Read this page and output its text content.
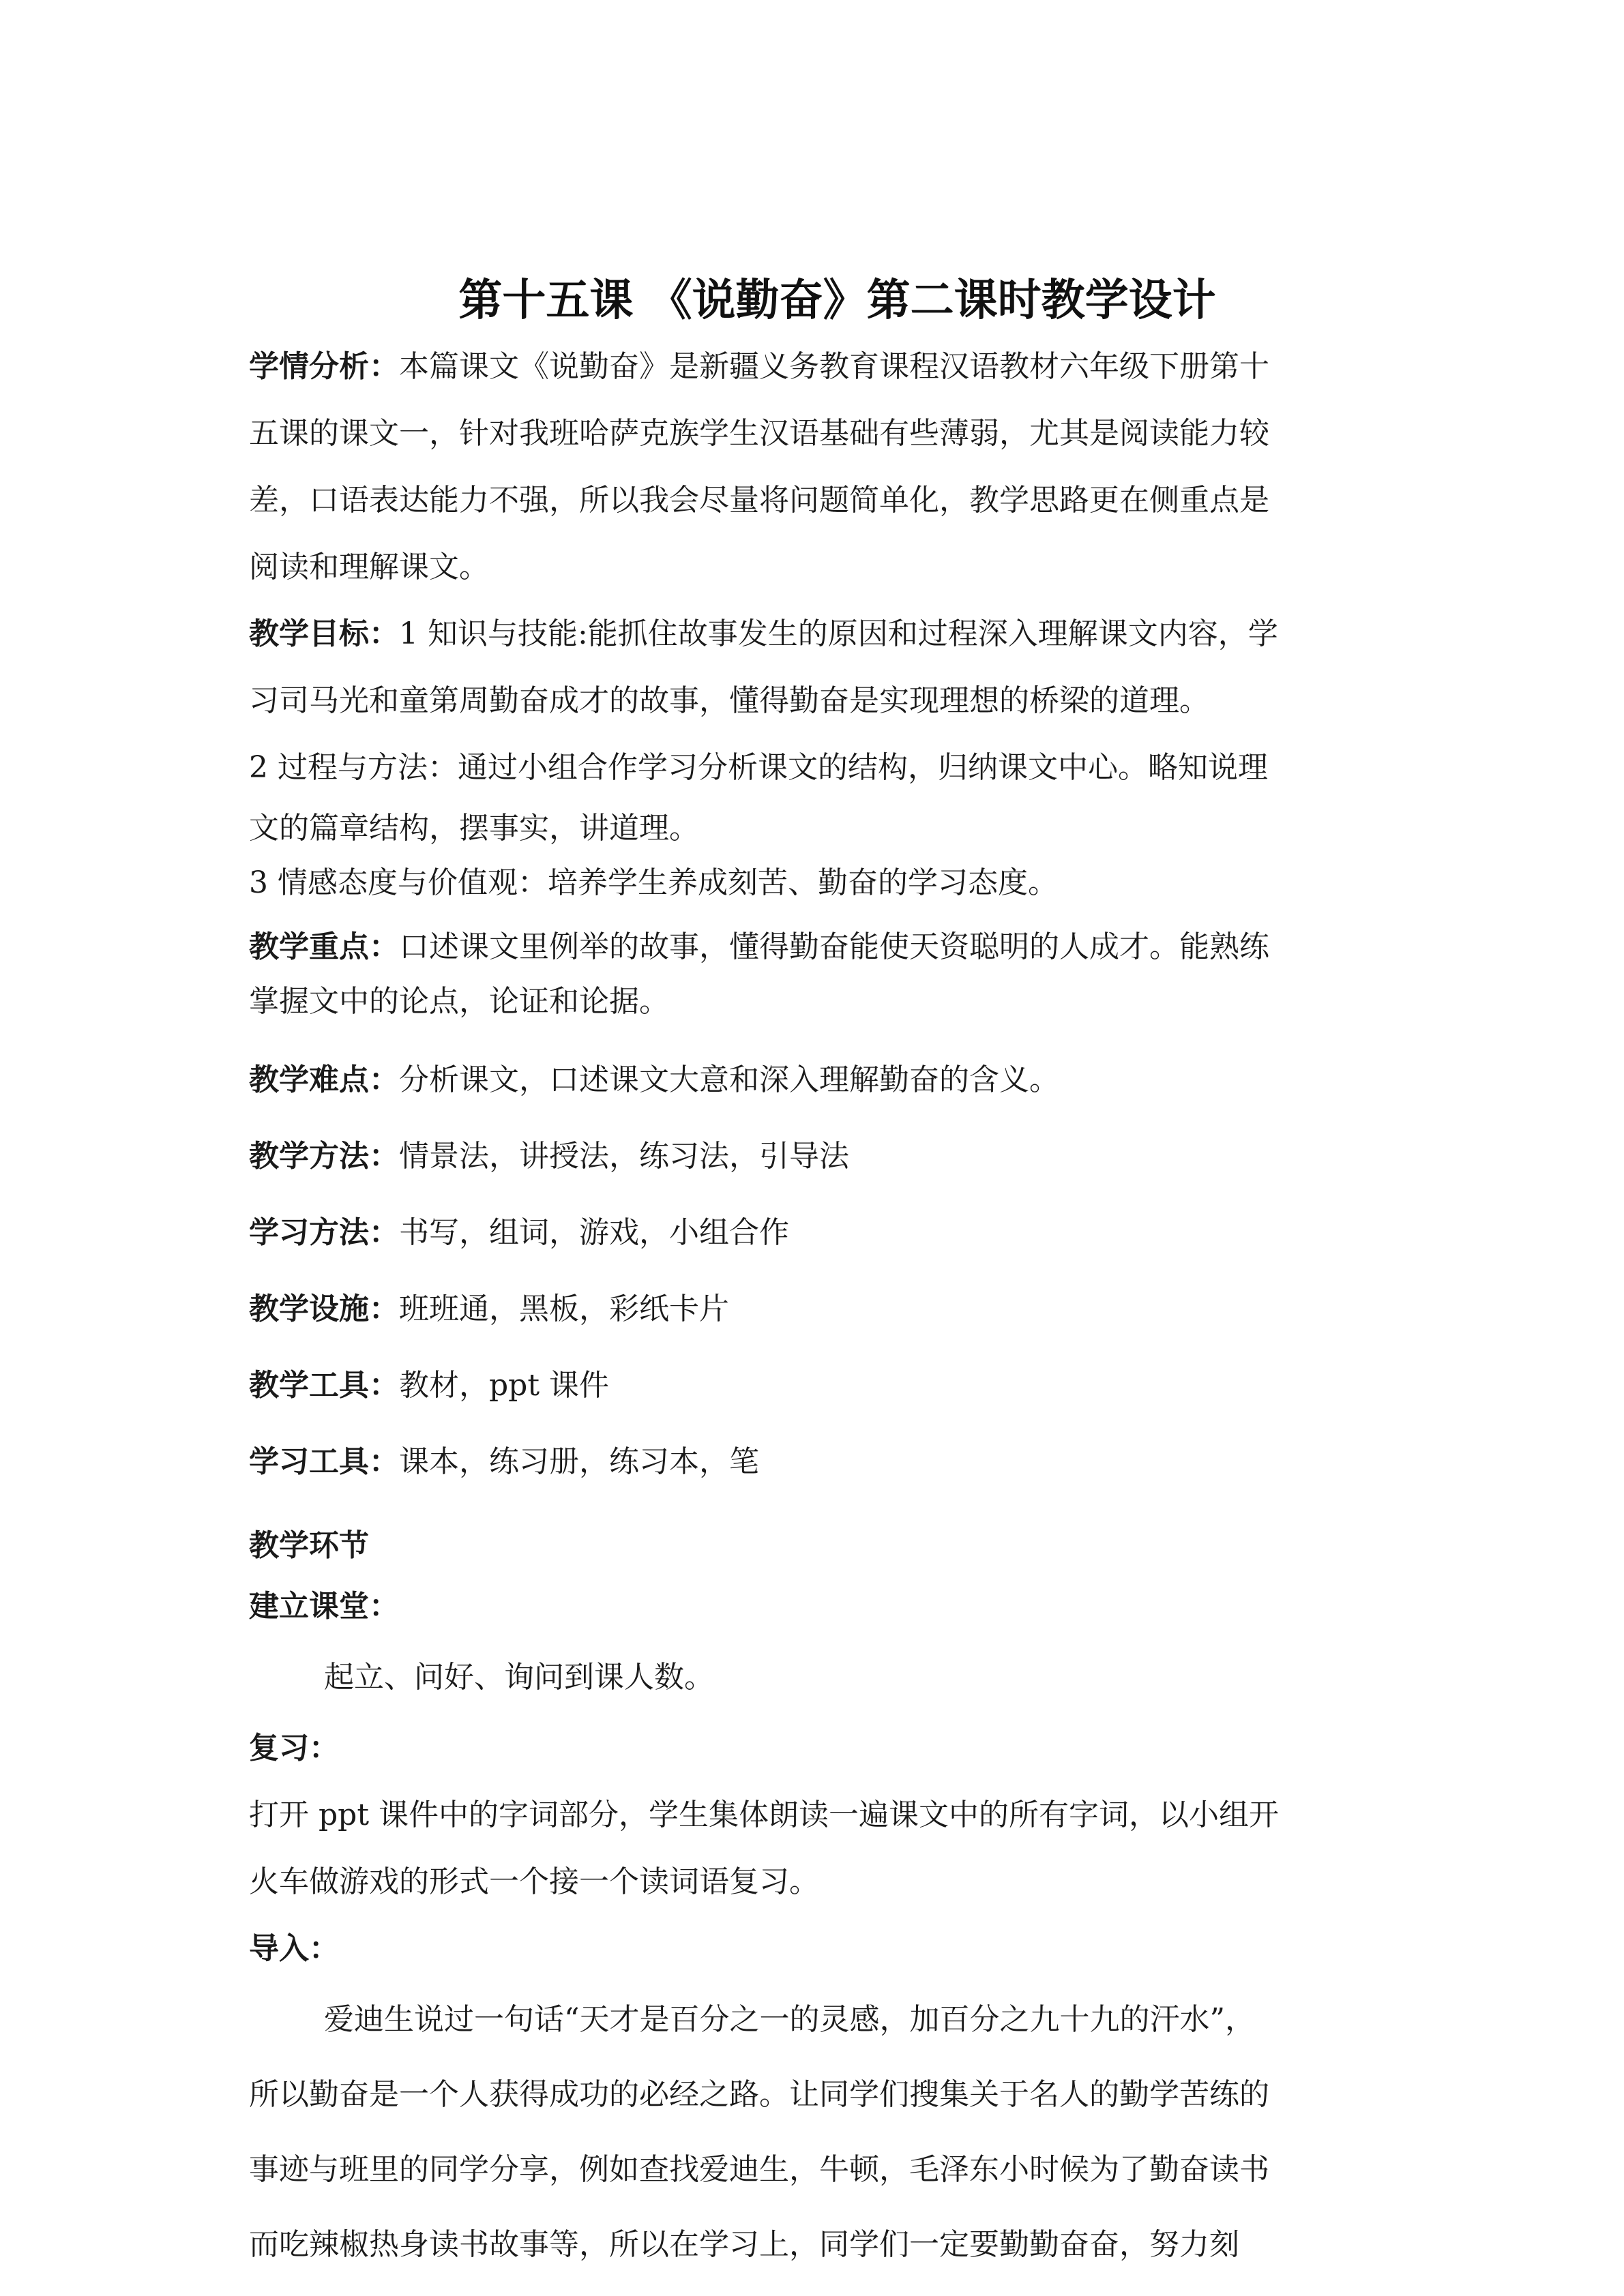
第十五课 《说勤奋》第二课时教学设计

学情分析：本篇课文《说勤奋》是新疆义务教育课程汉语教材六年级下册第十

五课的课文一，针对我班哈萨克族学生汉语基础有些薄弱，尤其是阅读能力较

差，口语表达能力不强，所以我会尽量将问题简单化，教学思路更在侧重点是

阅读和理解课文。

教学目标：1 知识与技能:能抓住故事发生的原因和过程深入理解课文内容，学

习司马光和童第周勤奋成才的故事，懂得勤奋是实现理想的桥梁的道理。

2 过程与方法：通过小组合作学习分析课文的结构，归纳课文中心。略知说理

文的篇章结构，摆事实，讲道理。

3 情感态度与价值观：培养学生养成刻苦、勤奋的学习态度。

教学重点：口述课文里例举的故事，懂得勤奋能使天资聪明的人成才。能熟练

掌握文中的论点，论证和论据。

教学难点：分析课文，口述课文大意和深入理解勤奋的含义。

教学方法：情景法，讲授法，练习法，引导法

学习方法：书写，组词，游戏，小组合作

教学设施：班班通，黑板，彩纸卡片

教学工具：教材，ppt 课件

学习工具：课本，练习册，练习本，笔

教学环节

建立课堂：

起立、问好、询问到课人数。

复习：

打开 ppt 课件中的字词部分，学生集体朗读一遍课文中的所有字词，以小组开

火车做游戏的形式一个接一个读词语复习。

导入：

爱迪生说过一句话“天才是百分之一的灵感，加百分之九十九的汗水”，

所以勤奋是一个人获得成功的必经之路。让同学们搜集关于名人的勤学苦练的

事迹与班里的同学分享，例如查找爱迪生，牛顿，毛泽东小时候为了勤奋读书

而吃辣椒热身读书故事等，所以在学习上，同学们一定要勤勤奋奋，努力刻
